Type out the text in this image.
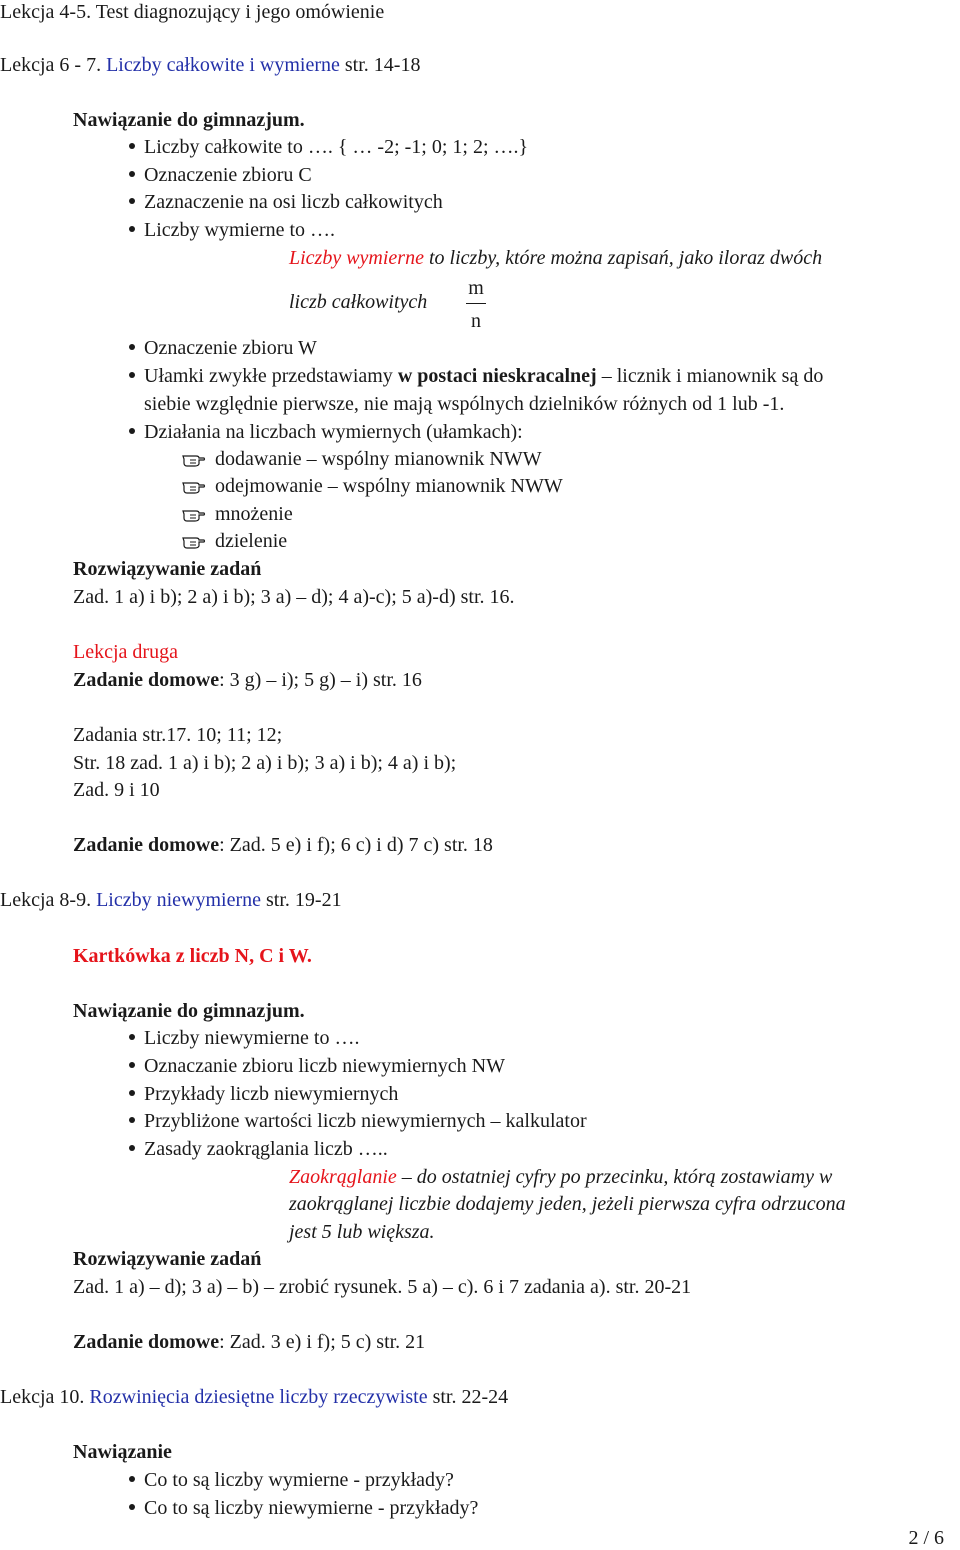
Lekcja 4-5. Test diagnozujący i jego omówienie
Lekcja 6 - 7. Liczby całkowite i wymierne str. 14-18
Nawiązanie do gimnazjum.
Liczby całkowite to …. { … -2; -1; 0; 1; 2; ….}
Oznaczenie zbioru C
Zaznaczenie na osi liczb całkowitych
Liczby wymierne to ….
Liczby wymierne to liczby, które można zapisań, jako iloraz dwóch
liczb całkowitych
m
n
Oznaczenie zbioru W
Ułamki zwykłe przedstawiamy w postaci nieskracalnej – licznik i mianownik są do
siebie względnie pierwsze, nie mają wspólnych dzielników różnych od 1 lub -1.
Działania na liczbach wymiernych (ułamkach):
dodawanie – wspólny mianownik NWW
odejmowanie – wspólny mianownik NWW
mnożenie
dzielenie
Rozwiązywanie zadań
Zad. 1 a) i b); 2 a) i b); 3 a) – d); 4 a)-c); 5 a)-d) str. 16.
Lekcja druga
Zadanie domowe: 3 g) – i); 5 g) – i) str. 16
Zadania str.17. 10; 11; 12;
Str. 18 zad. 1 a) i b); 2 a) i b); 3 a) i b); 4 a) i b);
Zad. 9 i 10
Zadanie domowe: Zad. 5 e) i f); 6 c) i d) 7 c) str. 18
Lekcja 8-9. Liczby niewymierne str. 19-21
Kartkówka z liczb N, C i W.
Nawiązanie do gimnazjum.
Liczby niewymierne to ….
Oznaczanie zbioru liczb niewymiernych NW
Przykłady liczb niewymiernych
Przybliżone wartości liczb niewymiernych – kalkulator
Zasady zaokrąglania liczb …..
Zaokrąglanie – do ostatniej cyfry po przecinku, którą zostawiamy w
zaokrąglanej liczbie dodajemy jeden, jeżeli pierwsza cyfra odrzucona
jest 5 lub większa.
Rozwiązywanie zadań
Zad. 1 a) – d); 3 a) – b) – zrobić rysunek. 5 a) – c). 6 i 7 zadania a). str. 20-21
Zadanie domowe: Zad. 3 e) i f); 5 c) str. 21
Lekcja 10. Rozwinięcia dziesiętne liczby rzeczywiste str. 22-24
Nawiązanie
Co to są liczby wymierne - przykłady?
Co to są liczby niewymierne - przykłady?
2 / 6
